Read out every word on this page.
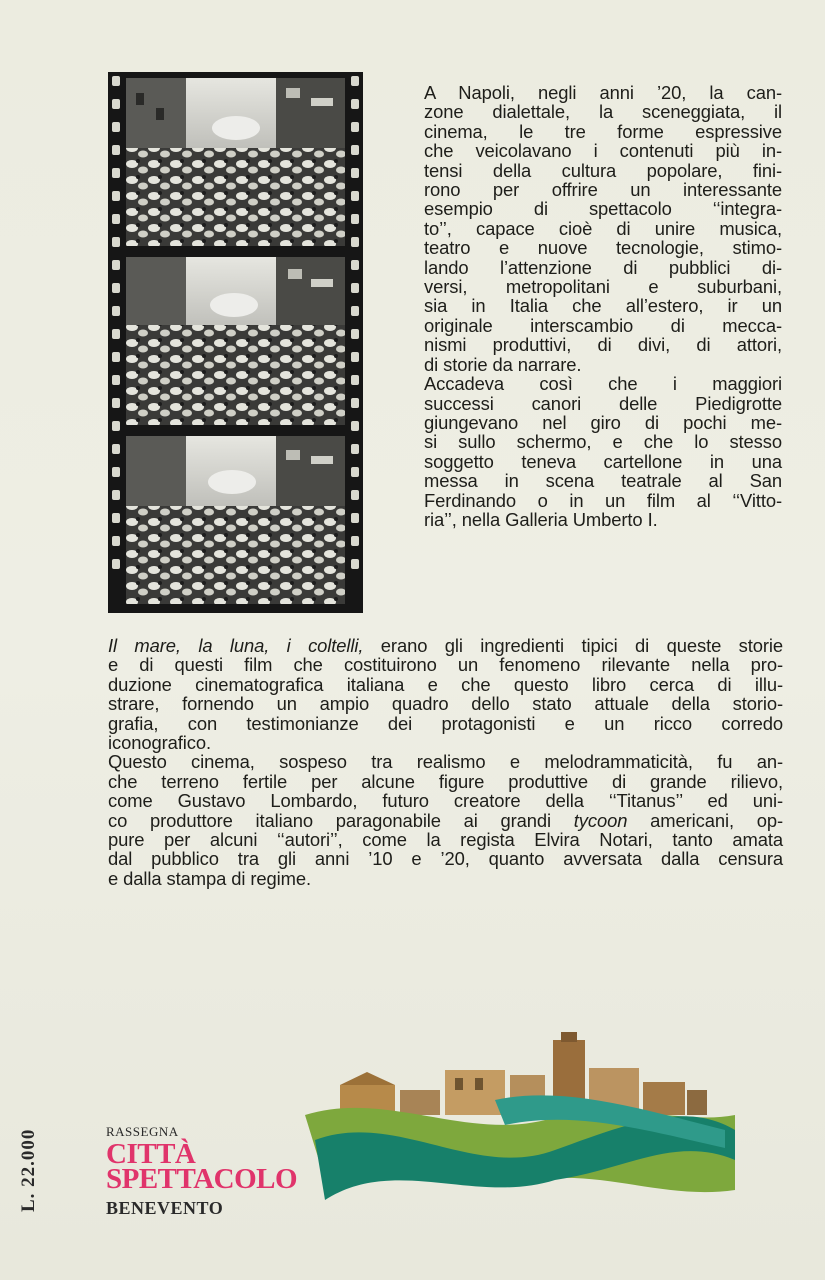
A Napoli, negli anni ’20, la can-
zone dialettale, la sceneggiata, il
cinema, le tre forme espressive
che veicolavano i contenuti più in-
tensi della cultura popolare, fini-
rono per offrire un interessante
esempio di spettacolo ‘‘integra-
to’’, capace cioè di unire musica,
teatro e nuove tecnologie, stimo-
lando l’attenzione di pubblici di-
versi, metropolitani e suburbani,
sia in Italia che all’estero, ir un
originale interscambio di mecca-
nismi produttivi, di divi, di attori,
di storie da narrare.
Accadeva così che i maggiori
successi canori delle Piedigrotte
giungevano nel giro di pochi me-
si sullo schermo, e che lo stesso
soggetto teneva cartellone in una
messa in scena teatrale al San
Ferdinando o in un film al ‘‘Vitto-
ria’’, nella Galleria Umberto I.

Il mare, la luna, i coltelli, erano gli ingredienti tipici di queste storie
e di questi film che costituirono un fenomeno rilevante nella pro-
duzione cinematografica italiana e che questo libro cerca di illu-
strare, fornendo un ampio quadro dello stato attuale della storio-
grafia, con testimonianze dei protagonisti e un ricco corredo
iconografico.
Questo cinema, sospeso tra realismo e melodrammaticità, fu an-
che terreno fertile per alcune figure produttive di grande rilievo,
come Gustavo Lombardo, futuro creatore della ‘‘Titanus’’ ed uni-
co produttore italiano paragonabile ai grandi tycoon americani, op-
pure per alcuni ‘‘autori’’, come la regista Elvira Notari, tanto amata
dal pubblico tra gli anni ’10 e ’20, quanto avversata dalla censura
e dalla stampa di regime.
L. 22.000	RASSEGNA
CITTÀ
SPETTACOLO
BENEVENTO
